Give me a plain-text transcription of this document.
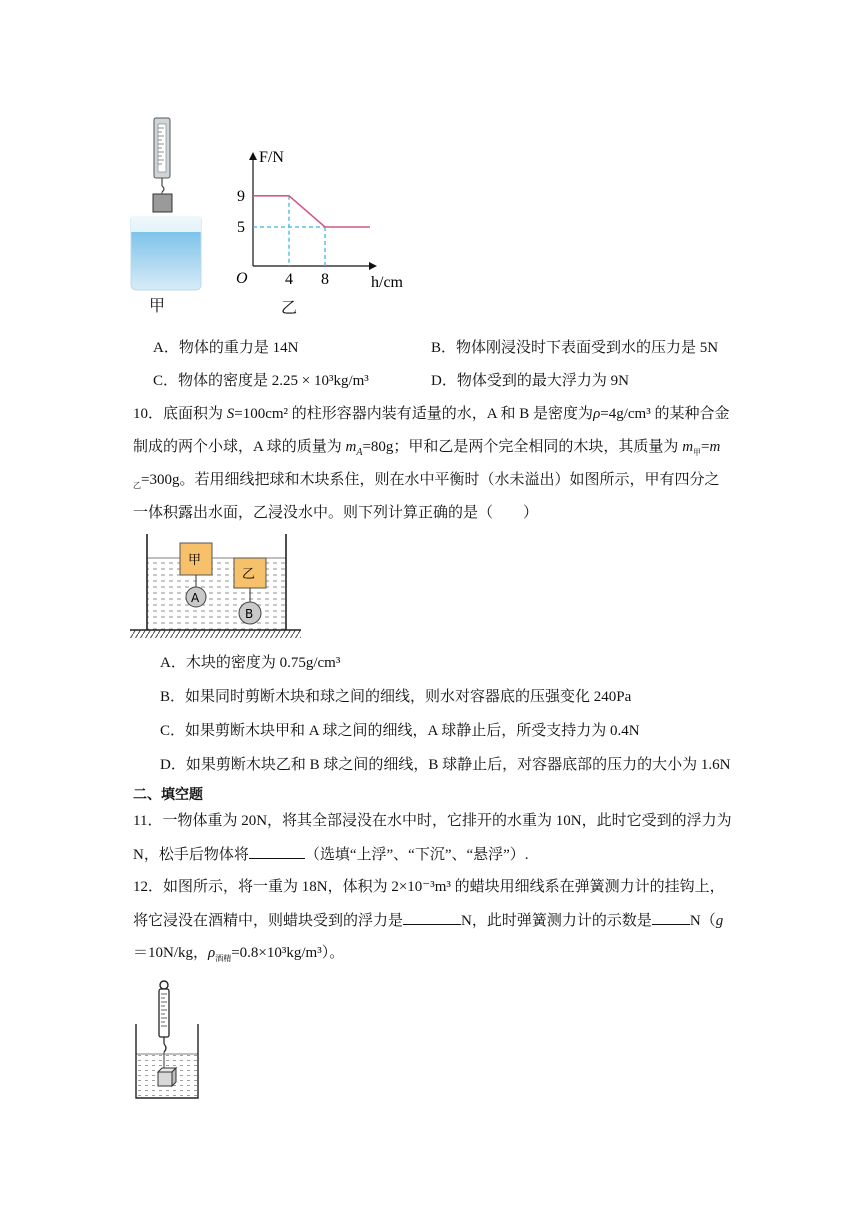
甲
F/N
h/cm
O 4 8
9
5
乙
A．物体的重力是 14N	B．物体刚浸没时下表面受到水的压力是 5N
C．物体的密度是 2.25 × 10³kg/m³	D．物体受到的最大浮力为 9N
10．底面积为 S=100cm² 的柱形容器内装有适量的水，A 和 B 是密度为ρ=4g/cm³ 的某种合金
制成的两个小球，A 球的质量为 $m_A=80g$；甲和乙是两个完全相同的木块，其质量为 $m_甲=m$
$_乙$=300g。若用细线把球和木块系住，则在水中平衡时（水未溢出）如图所示，甲有四分之
一体积露出水面，乙浸没水中。则下列计算正确的是（　　）
甲
A
乙
B
A．木块的密度为 0.75g/cm³
B．如果同时剪断木块和球之间的细线，则水对容器底的压强变化 240Pa
C．如果剪断木块甲和 A 球之间的细线，A 球静止后，所受支持力为 0.4N
D．如果剪断木块乙和 B 球之间的细线，B 球静止后，对容器底部的压力的大小为 1.6N
二、填空题
11．一物体重为 20N，将其全部浸没在水中时，它排开的水重为 10N，此时它受到的浮力为
N，松手后物体将	（选填“上浮”、“下沉”、“悬浮”）.
12．如图所示，将一重为 18N，体积为 2×10⁻³m³ 的蜡块用细线系在弹簧测力计的挂钩上，
将它浸没在酒精中，则蜡块受到的浮力是	N，此时弹簧测力计的示数是	N（g
＝10N/kg，$\rho_{酒精}=0.8\times 10^3kg/m^3$）。
